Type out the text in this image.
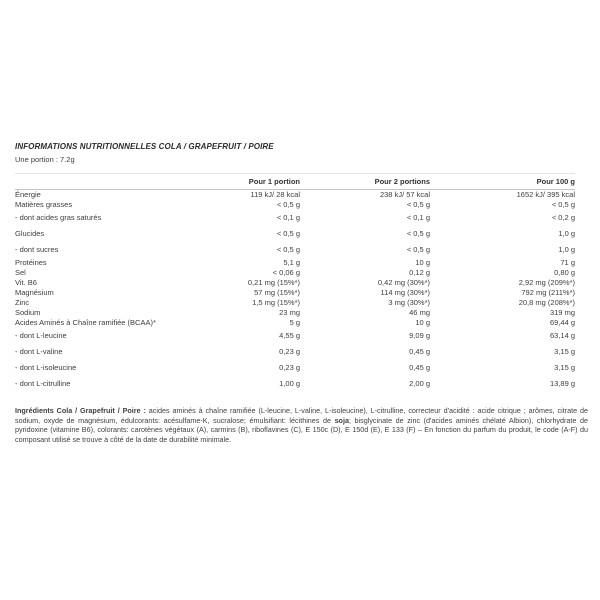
INFORMATIONS NUTRITIONNELLES COLA / GRAPEFRUIT / POIRE
Une portion : 7.2g
	Pour 1 portion	Pour 2 portions	Pour 100 g
Énergie	119 kJ/ 28 kcal	238 kJ/ 57 kcal	1652 kJ/ 395 kcal
Matières grasses	< 0,5 g	< 0,5 g	< 0,5 g
- dont acides gras saturés	< 0,1 g	< 0,1 g	< 0,2 g
Glucides	< 0,5 g	< 0,5 g	1,0 g
- dont sucres	< 0,5 g	< 0,5 g	1,0 g
Protéines	5,1 g	10 g	71 g
Sel	< 0,06 g	0,12 g	0,80 g
Vit. B6	0,21 mg (15%*)	0,42 mg (30%*)	2,92 mg (209%*)
Magnésium	57 mg (15%*)	114 mg (30%*)	792 mg (211%*)
Zinc	1,5 mg (15%*)	3 mg (30%*)	20,8 mg (208%*)
Sodium	23 mg	46 mg	319 mg
Acides Aminés à Chaîne ramifiée (BCAA)*	5 g	10 g	69,44 g
- dont L-leucine	4,55 g	9,09 g	63,14 g
- dont L-valine	0,23 g	0,45 g	3,15 g
- dont L-isoleucine	0,23 g	0,45 g	3,15 g
- dont L-citrulline	1,00 g	2,00 g	13,89 g

Ingrédients Cola / Grapefruit / Poire : acides aminés à chaîne ramifiée (L-leucine, L-valine, L-isoleucine), L-citrulline, correcteur d'acidité : acide citrique ; arômes, citrate de sodium, oxyde de magnésium, édulcorants: acésulfame-K, sucralose; émulsifiant: lécithines de soja; bisglycinate de zinc (d'acides aminés chélaté Albion), chlorhydrate de pyridoxine (vitamine B6), colorants: carotènes végétaux (A), carmins (B), riboflavines (C), E 150c (D), E 150d (E), E 133 (F) – En fonction du parfum du produit, le code (A-F) du composant utilisé se trouve à côté de la date de durabilité minimale.
